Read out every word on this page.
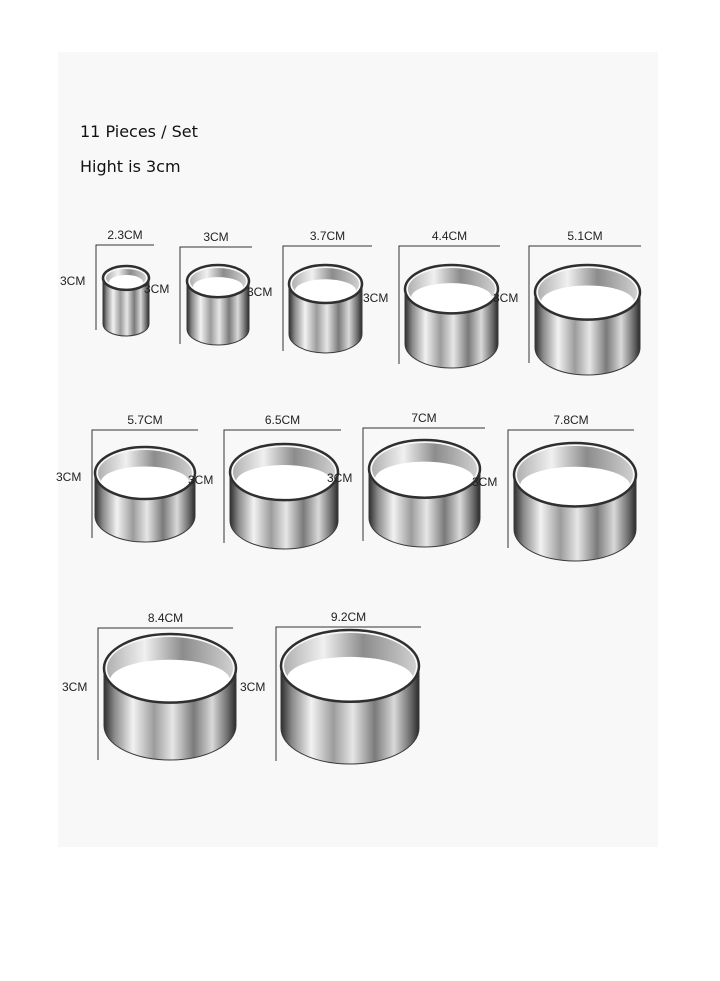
11 Pieces / Set
Hight is 3cm
2.3CM
3CM
3CM
3CM
3.7CM
3CM
4.4CM
3CM
5.1CM
3CM
5.7CM
3CM
6.5CM
3CM
7CM
3CM
7.8CM
3CM
8.4CM
3CM
9.2CM
3CM
